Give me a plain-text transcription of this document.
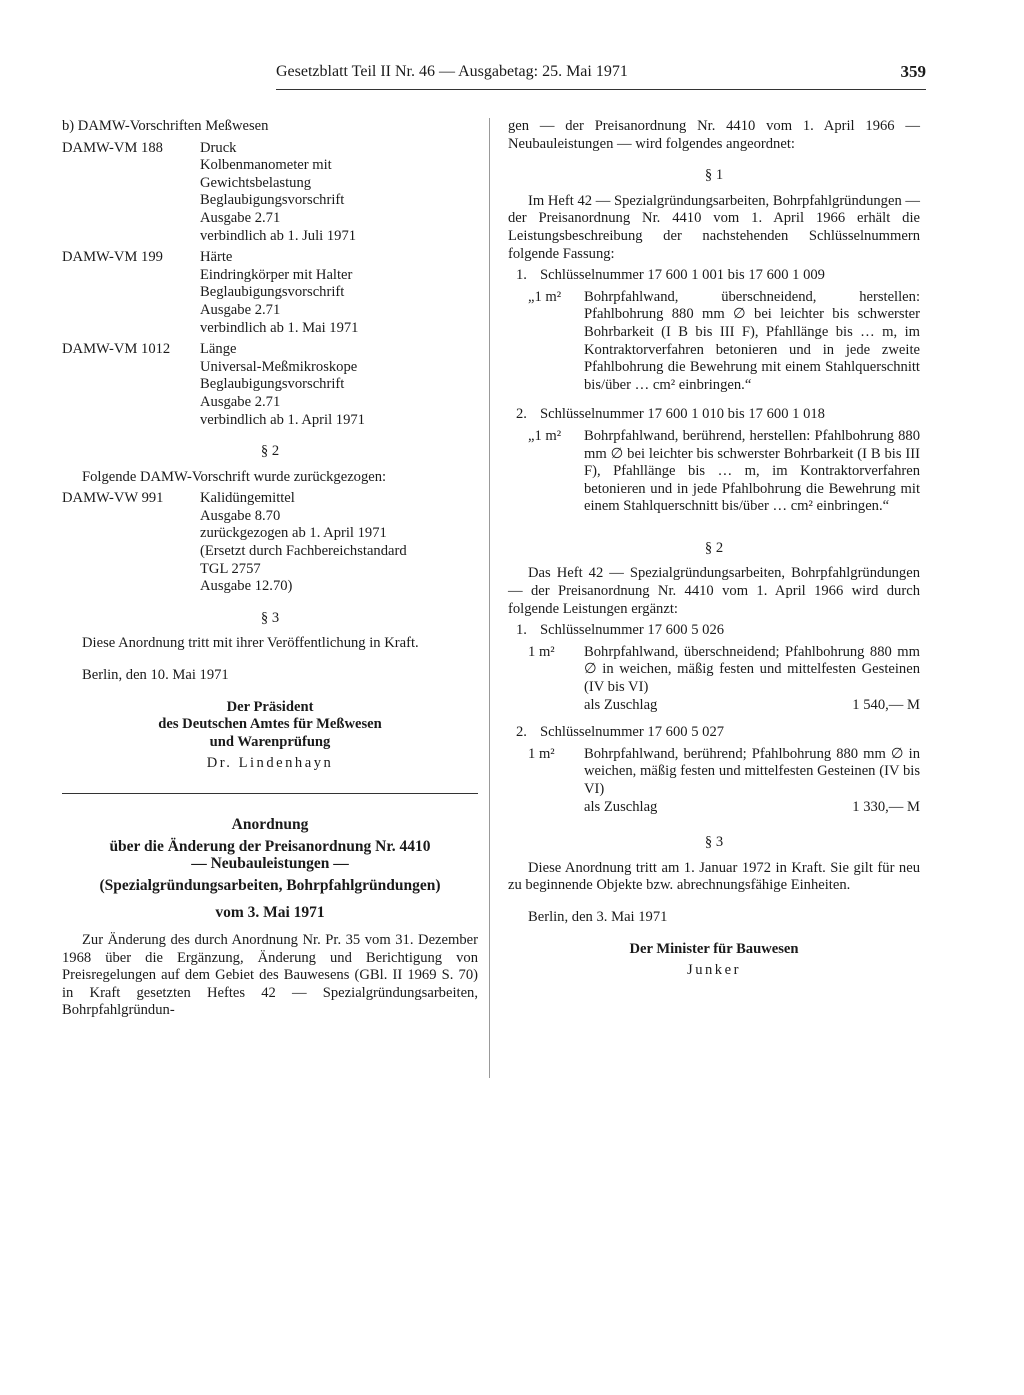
Gesetzblatt Teil II Nr. 46 — Ausgabetag: 25. Mai 1971	359

b) DAMW-Vorschriften Meßwesen

DAMW-VM 188	Druck
Kolbenmanometer mit
Gewichtsbelastung
Beglaubigungsvorschrift
Ausgabe 2.71
verbindlich ab 1. Juli 1971
DAMW-VM 199	Härte
Eindringkörper mit Halter
Beglaubigungsvorschrift
Ausgabe 2.71
verbindlich ab 1. Mai 1971
DAMW-VM 1012	Länge
Universal-Meßmikroskope
Beglaubigungsvorschrift
Ausgabe 2.71
verbindlich ab 1. April 1971

§ 2

Folgende DAMW-Vorschrift wurde zurückgezogen:

DAMW-VW 991	Kalidüngemittel
Ausgabe 8.70
zurückgezogen ab 1. April 1971
(Ersetzt durch Fachbereichstandard
TGL 2757
Ausgabe 12.70)

§ 3

Diese Anordnung tritt mit ihrer Veröffentlichung in Kraft.

Berlin, den 10. Mai 1971

Der Präsident

des Deutschen Amtes für Meßwesen

und Warenprüfung

Dr. Lindenhayn

Anordnung

über die Änderung der Preisanordnung Nr. 4410

— Neubauleistungen —

(Spezialgründungsarbeiten, Bohrpfahlgründungen)

vom 3. Mai 1971

Zur Änderung des durch Anordnung Nr. Pr. 35 vom 31. Dezember 1968 über die Ergänzung, Änderung und Berichtigung von Preisregelungen auf dem Gebiet des Bauwesens (GBl. II 1969 S. 70) in Kraft gesetzten Heftes 42 — Spezialgründungsarbeiten, Bohrpfahlgründun-

gen — der Preisanordnung Nr. 4410 vom 1. April 1966 — Neubauleistungen — wird folgendes angeordnet:

§ 1

Im Heft 42 — Spezialgründungsarbeiten, Bohrpfahlgründungen — der Preisanordnung Nr. 4410 vom 1. April 1966 erhält die Leistungsbeschreibung der nachstehenden Schlüsselnummern folgende Fassung:

1. Schlüsselnummer 17 600 1 001 bis 17 600 1 009
„1 m²	Bohrpfahlwand, überschneidend, herstellen: Pfahlbohrung 880 mm ∅ bei leichter bis schwerster Bohrbarkeit (I B bis III F), Pfahllänge bis … m, im Kontraktorverfahren betonieren und in jede zweite Pfahlbohrung die Bewehrung mit einem Stahlquerschnitt bis/über … cm² einbringen.“
2. Schlüsselnummer 17 600 1 010 bis 17 600 1 018
„1 m²	Bohrpfahlwand, berührend, herstellen: Pfahlbohrung 880 mm ∅ bei leichter bis schwerster Bohrbarkeit (I B bis III F), Pfahllänge bis … m, im Kontraktorverfahren betonieren und in jede Pfahlbohrung die Bewehrung mit einem Stahlquerschnitt bis/über … cm² einbringen.“

§ 2

Das Heft 42 — Spezialgründungsarbeiten, Bohrpfahlgründungen — der Preisanordnung Nr. 4410 vom 1. April 1966 wird durch folgende Leistungen ergänzt:

1. Schlüsselnummer 17 600 5 026
1 m²	Bohrpfahlwand, überschneidend; Pfahlbohrung 880 mm ∅ in weichen, mäßig festen und mittelfesten Gesteinen (IV bis VI)
als Zuschlag	1 540,— M
2. Schlüsselnummer 17 600 5 027
1 m²	Bohrpfahlwand, berührend; Pfahlbohrung 880 mm ∅ in weichen, mäßig festen und mittelfesten Gesteinen (IV bis VI)
als Zuschlag	1 330,— M

§ 3

Diese Anordnung tritt am 1. Januar 1972 in Kraft. Sie gilt für neu zu beginnende Objekte bzw. abrechnungsfähige Einheiten.

Berlin, den 3. Mai 1971

Der Minister für Bauwesen

Junker
